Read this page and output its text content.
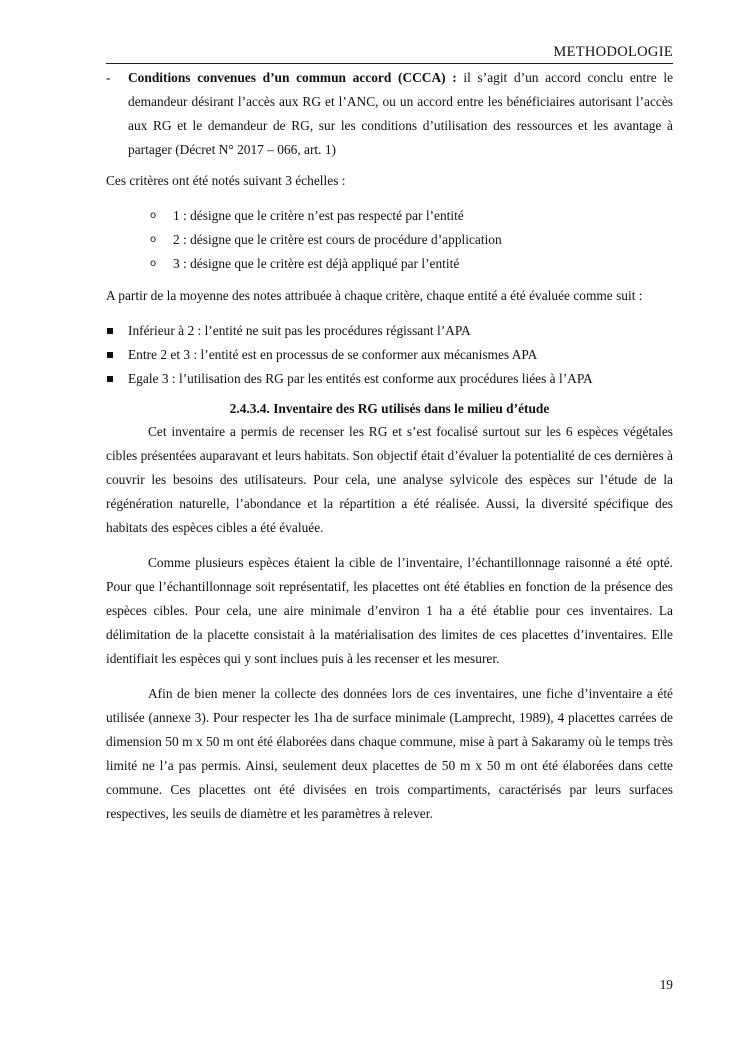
METHODOLOGIE
- Conditions convenues d’un commun accord (CCCA) : il s’agit d’un accord conclu entre le demandeur désirant l’accès aux RG et l’ANC, ou un accord entre les bénéficiaires autorisant l’accès aux RG et le demandeur de RG, sur les conditions d’utilisation des ressources et les avantage à partager (Décret N° 2017 – 066, art. 1)

Ces critères ont été notés suivant 3 échelles :

o 1 : désigne que le critère n’est pas respecté par l’entité
o 2 : désigne que le critère est cours de procédure d’application
o 3 : désigne que le critère est déjà appliqué par l’entité

A partir de la moyenne des notes attribuée à chaque critère, chaque entité a été évaluée comme suit :

Inférieur à 2 : l’entité ne suit pas les procédures régissant l’APA
Entre 2 et 3 : l’entité est en processus de se conformer aux mécanismes APA
Egale 3 : l’utilisation des RG par les entités est conforme aux procédures liées à l’APA
2.4.3.4. Inventaire des RG utilisés dans le milieu d’étude

Cet inventaire a permis de recenser les RG et s’est focalisé surtout sur les 6 espèces végétales cibles présentées auparavant et leurs habitats. Son objectif était d’évaluer la potentialité de ces dernières à couvrir les besoins des utilisateurs. Pour cela, une analyse sylvicole des espèces sur l’étude de la régénération naturelle, l’abondance et la répartition a été réalisée. Aussi, la diversité spécifique des habitats des espèces cibles a été évaluée.

Comme plusieurs espèces étaient la cible de l’inventaire, l’échantillonnage raisonné a été opté. Pour que l’échantillonnage soit représentatif, les placettes ont été établies en fonction de la présence des espèces cibles. Pour cela, une aire minimale d’environ 1 ha a été établie pour ces inventaires. La délimitation de la placette consistait à la matérialisation des limites de ces placettes d’inventaires. Elle identifiait les espèces qui y sont inclues puis à les recenser et les mesurer.

Afin de bien mener la collecte des données lors de ces inventaires, une fiche d’inventaire a été utilisée (annexe 3). Pour respecter les 1ha de surface minimale (Lamprecht, 1989), 4 placettes carrées de dimension 50 m x 50 m ont été élaborées dans chaque commune, mise à part à Sakaramy où le temps très limité ne l’a pas permis. Ainsi, seulement deux placettes de 50 m x 50 m ont été élaborées dans cette commune. Ces placettes ont été divisées en trois compartiments, caractérisés par leurs surfaces respectives, les seuils de diamètre et les paramètres à relever.

19
